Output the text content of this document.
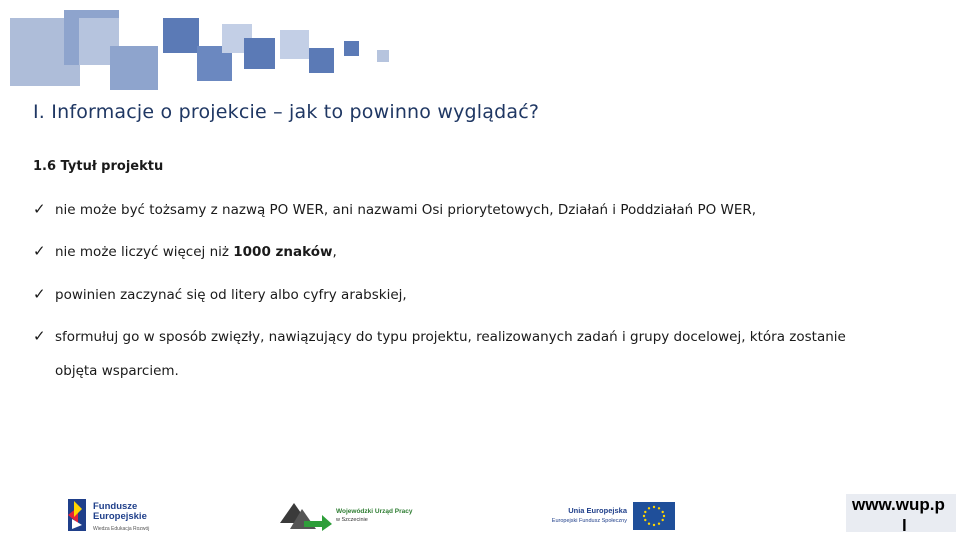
I. Informacje o projekcie – jak to powinno wyglądać?
1.6 Tytuł projektu
✓ nie może być tożsamy z nazwą PO WER, ani nazwami Osi priorytetowych, Działań i Poddziałań PO WER,
✓ nie może liczyć więcej niż 1000 znaków,
✓ powinien zaczynać się od litery albo cyfry arabskiej,
✓ sformułuj go w sposób zwięzły, nawiązujący do typu projektu, realizowanych zadań i grupy docelowej, która zostanie
objęta wsparciem.
Fundusze
Europejskie
Wiedza Edukacja Rozwój
Wojewódzki Urząd Pracy
w Szczecinie
Unia Europejska
Europejski Fundusz Społeczny
www.wup.p
l
